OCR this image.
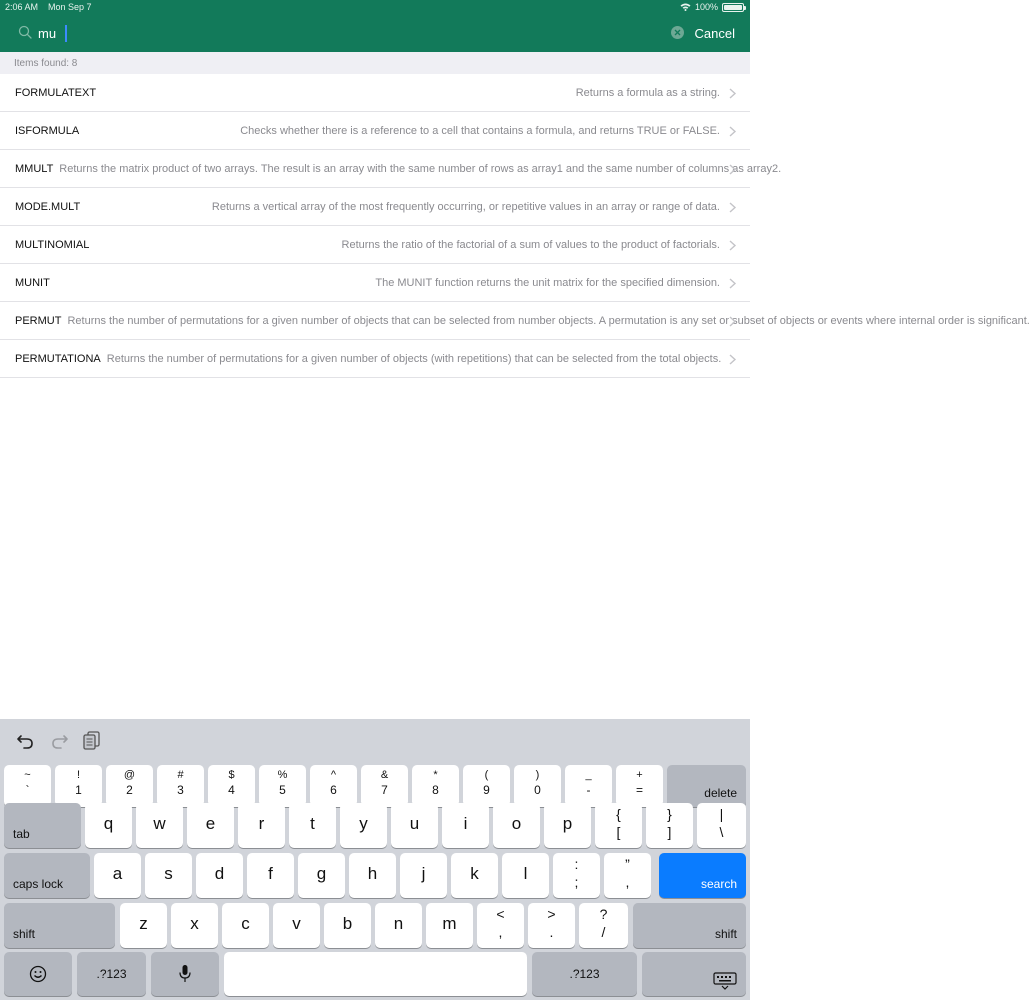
2:06 AM Mon Sep 7	100%
mu
Cancel
Items found: 8
FORMULATEXT	Returns a formula as a string.
ISFORMULA	Checks whether there is a reference to a cell that contains a formula, and returns TRUE or FALSE.
MMULT Returns the matrix product of two arrays. The result is an array with the same number of rows as array1 and the same number of columns as array2.
MODE.MULT	Returns a vertical array of the most frequently occurring, or repetitive values in an array or range of data.
MULTINOMIAL	Returns the ratio of the factorial of a sum of values to the product of factorials.
MUNIT	The MUNIT function returns the unit matrix for the specified dimension.
PERMUT Returns the number of permutations for a given number of objects that can be selected from number objects. A permutation is any set or subset of objects or events where internal order is significant.
PERMUTATIONA Returns the number of permutations for a given number of objects (with repetitions) that can be selected from the total objects.
~
`
!
1
@
2
#
3
$
4
%
5
^
6
&
7
*
8
(
9
)
0
_
-
+
=	delete
tab
q	w	e	r	t	y	u	i	o	p	{
[
}
]
|
\
caps lock
a	s	d	f	g	h	j	k	l	:
;
”
,	search
shift
z	x	c	v	b	n	m	<
,
>
.
?
/	shift
.?123	.?123
